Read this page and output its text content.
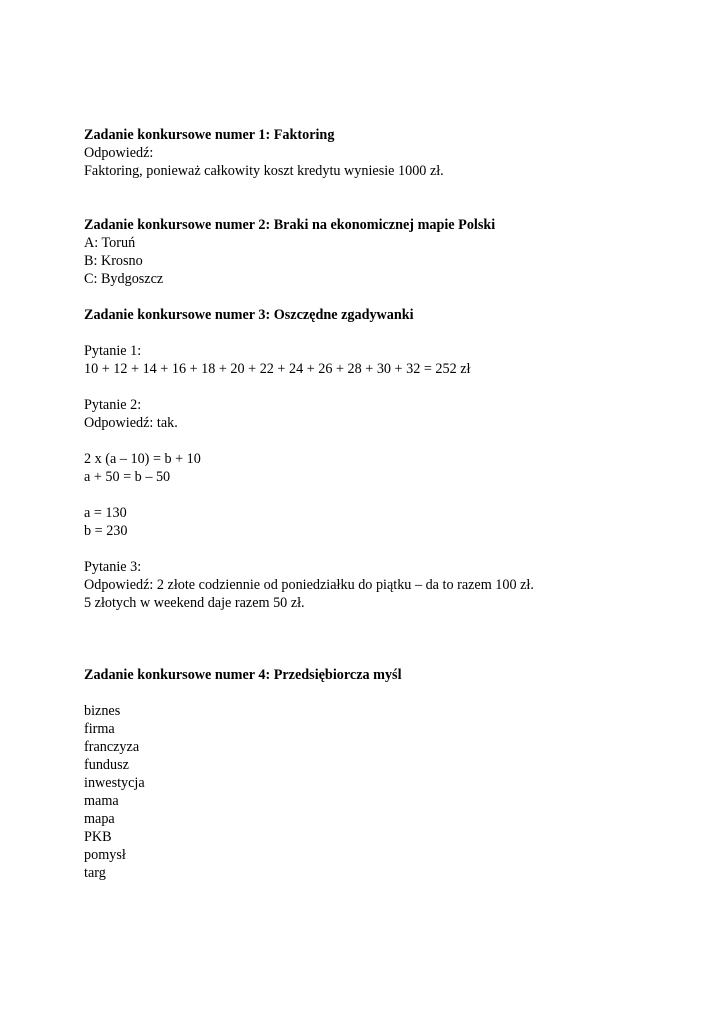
Zadanie konkursowe numer 1: Faktoring
Odpowiedź:
Faktoring, ponieważ całkowity koszt kredytu wyniesie 1000 zł.
Zadanie konkursowe numer 2: Braki na ekonomicznej mapie Polski
A: Toruń
B: Krosno
C: Bydgoszcz
Zadanie konkursowe numer 3: Oszczędne zgadywanki
Pytanie 1:
10 + 12 + 14 + 16 + 18 + 20 + 22 + 24 + 26 + 28 + 30 + 32 = 252 zł
Pytanie 2:
Odpowiedź: tak.
2 x (a – 10) = b + 10
a + 50 = b – 50
a = 130
b = 230
Pytanie 3:
Odpowiedź: 2 złote codziennie od poniedziałku do piątku – da to razem 100 zł.
5 złotych w weekend daje razem 50 zł.
Zadanie konkursowe numer 4: Przedsiębiorcza myśl
biznes
firma
franczyza
fundusz
inwestycja
mama
mapa
PKB
pomysł
targ
